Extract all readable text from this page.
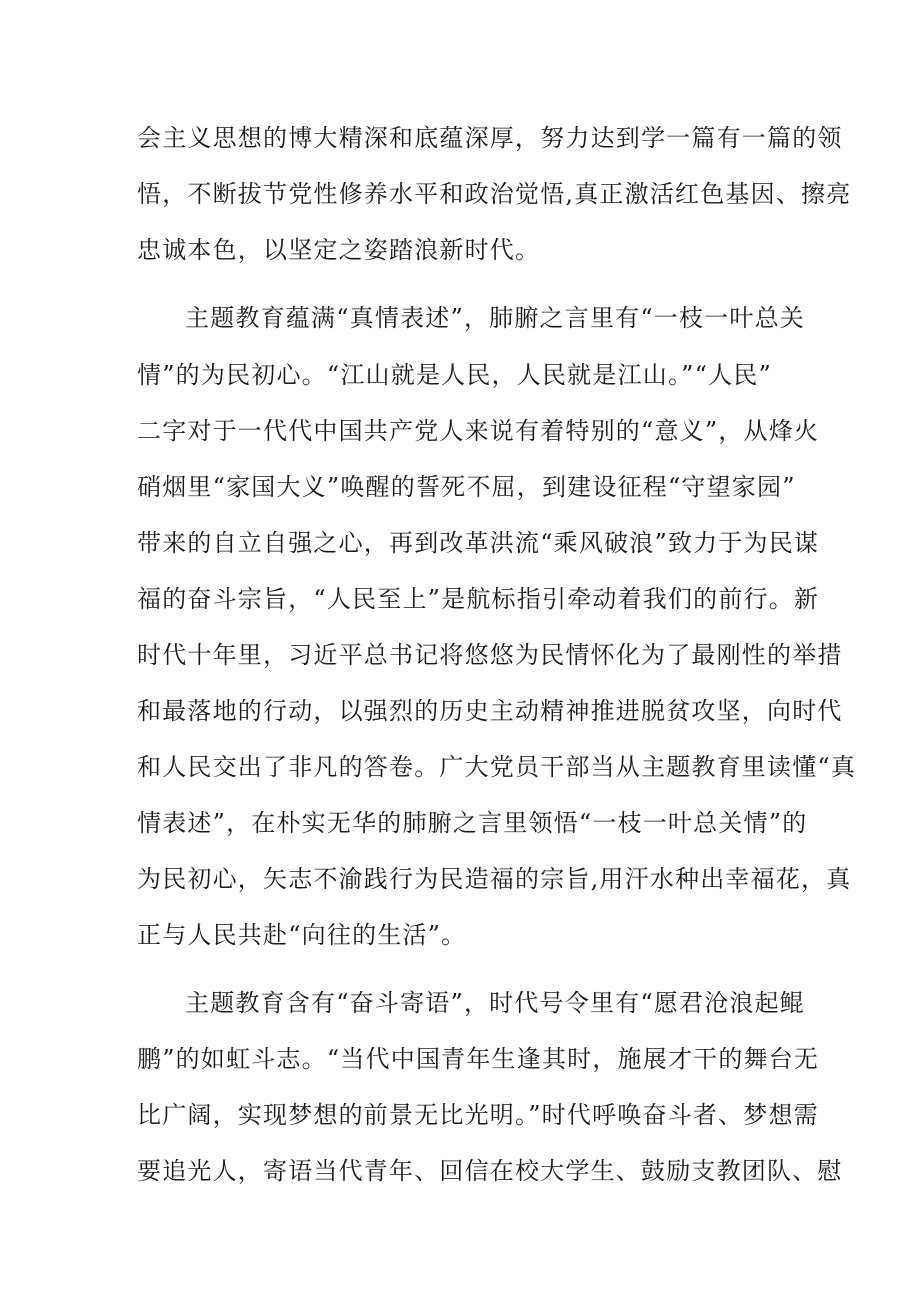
会主义思想的博大精深和底蕴深厚，努力达到学一篇有一篇的领
悟，不断拔节党性修养水平和政治觉悟,真正激活红色基因、擦亮
忠诚本色，以坚定之姿踏浪新时代。
主题教育蕴满“真情表述”，肺腑之言里有“一枝一叶总关
情”的为民初心。“江山就是人民，人民就是江山。”“人民”
二字对于一代代中国共产党人来说有着特别的“意义”，从烽火
硝烟里“家国大义”唤醒的誓死不屈，到建设征程“守望家园”
带来的自立自强之心，再到改革洪流“乘风破浪”致力于为民谋
福的奋斗宗旨，“人民至上”是航标指引牵动着我们的前行。新
时代十年里，习近平总书记将悠悠为民情怀化为了最刚性的举措
和最落地的行动，以强烈的历史主动精神推进脱贫攻坚，向时代
和人民交出了非凡的答卷。广大党员干部当从主题教育里读懂“真
情表述”，在朴实无华的肺腑之言里领悟“一枝一叶总关情”的
为民初心，矢志不渝践行为民造福的宗旨,用汗水种出幸福花，真
正与人民共赴“向往的生活”。
主题教育含有“奋斗寄语”，时代号令里有“愿君沧浪起鲲
鹏”的如虹斗志。“当代中国青年生逢其时，施展才干的舞台无
比广阔，实现梦想的前景无比光明。”时代呼唤奋斗者、梦想需
要追光人，寄语当代青年、回信在校大学生、鼓励支教团队、慰
